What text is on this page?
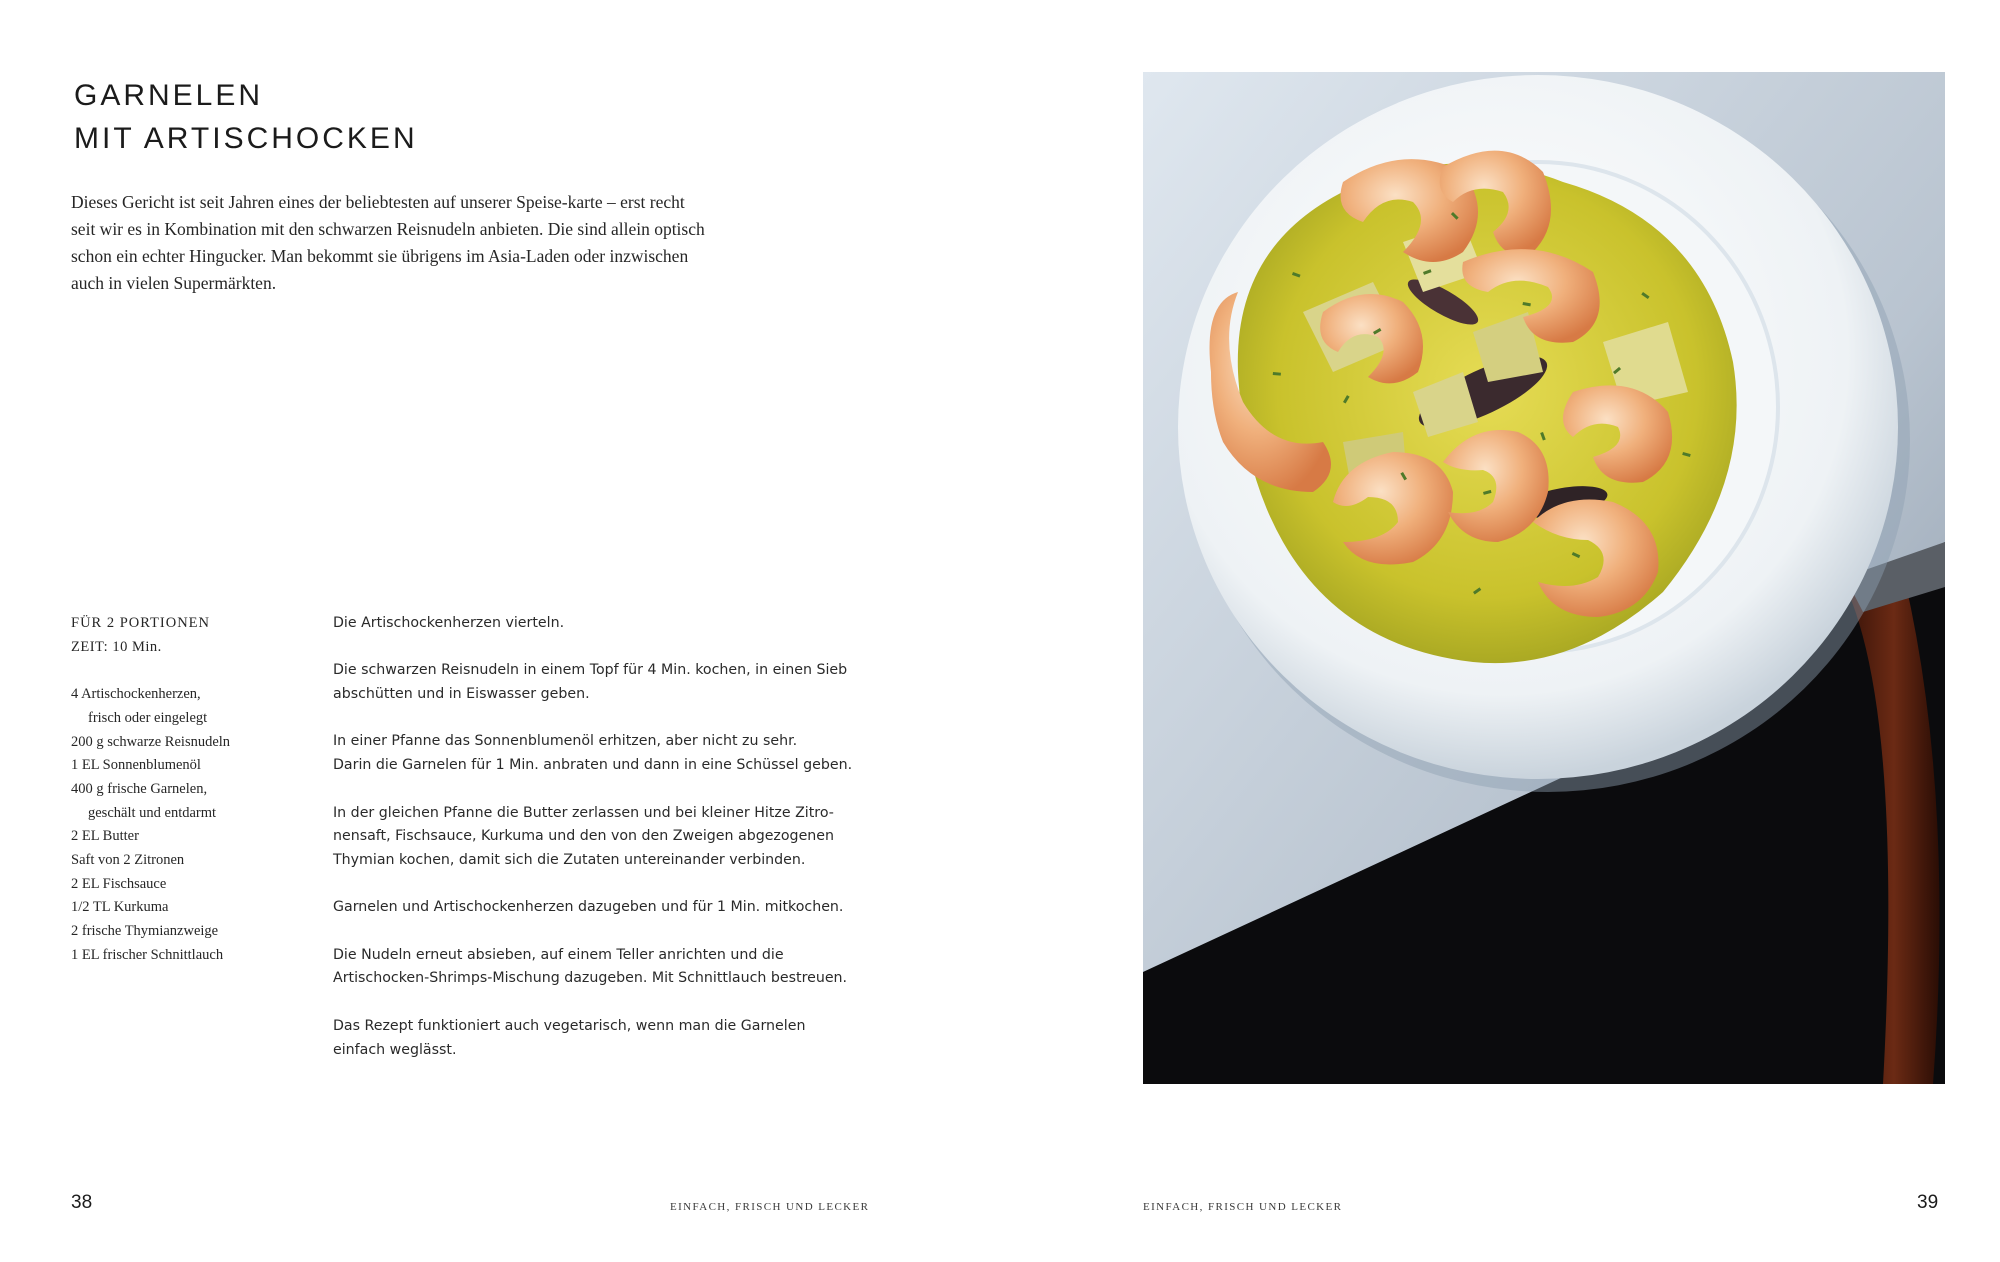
GARNELEN
MIT ARTISCHOCKEN
Dieses Gericht ist seit Jahren eines der beliebtesten auf unserer Speise-karte – erst recht
seit wir es in Kombination mit den schwarzen Reisnudeln anbieten. Die sind allein optisch
schon ein echter Hingucker. Man bekommt sie übrigens im Asia-Laden oder inzwischen
auch in vielen Supermärkten.
FÜR 2 PORTIONEN
ZEIT: 10 Min.
4 Artischockenherzen,
frisch oder eingelegt
200 g schwarze Reisnudeln
1 EL Sonnenblumenöl
400 g frische Garnelen,
geschält und entdarmt
2 EL Butter
Saft von 2 Zitronen
2 EL Fischsauce
1/2 TL Kurkuma
2 frische Thymianzweige
1 EL frischer Schnittlauch

Die Artischockenherzen vierteln.

Die schwarzen Reisnudeln in einem Topf für 4 Min. kochen, in einen Sieb
abschütten und in Eiswasser geben.

In einer Pfanne das Sonnenblumenöl erhitzen, aber nicht zu sehr.
Darin die Garnelen für 1 Min. anbraten und dann in eine Schüssel geben.

In der gleichen Pfanne die Butter zerlassen und bei kleiner Hitze Zitro-
nensaft, Fischsauce, Kurkuma und den von den Zweigen abgezogenen
Thymian kochen, damit sich die Zutaten untereinander verbinden.

Garnelen und Artischockenherzen dazugeben und für 1 Min. mitkochen.

Die Nudeln erneut absieben, auf einem Teller anrichten und die
Artischocken-Shrimps-Mischung dazugeben. Mit Schnittlauch bestreuen.

Das Rezept funktioniert auch vegetarisch, wenn man die Garnelen
einfach weglässt.

38	EINFACH, FRISCH UND LECKER	EINFACH, FRISCH UND LECKER	39
